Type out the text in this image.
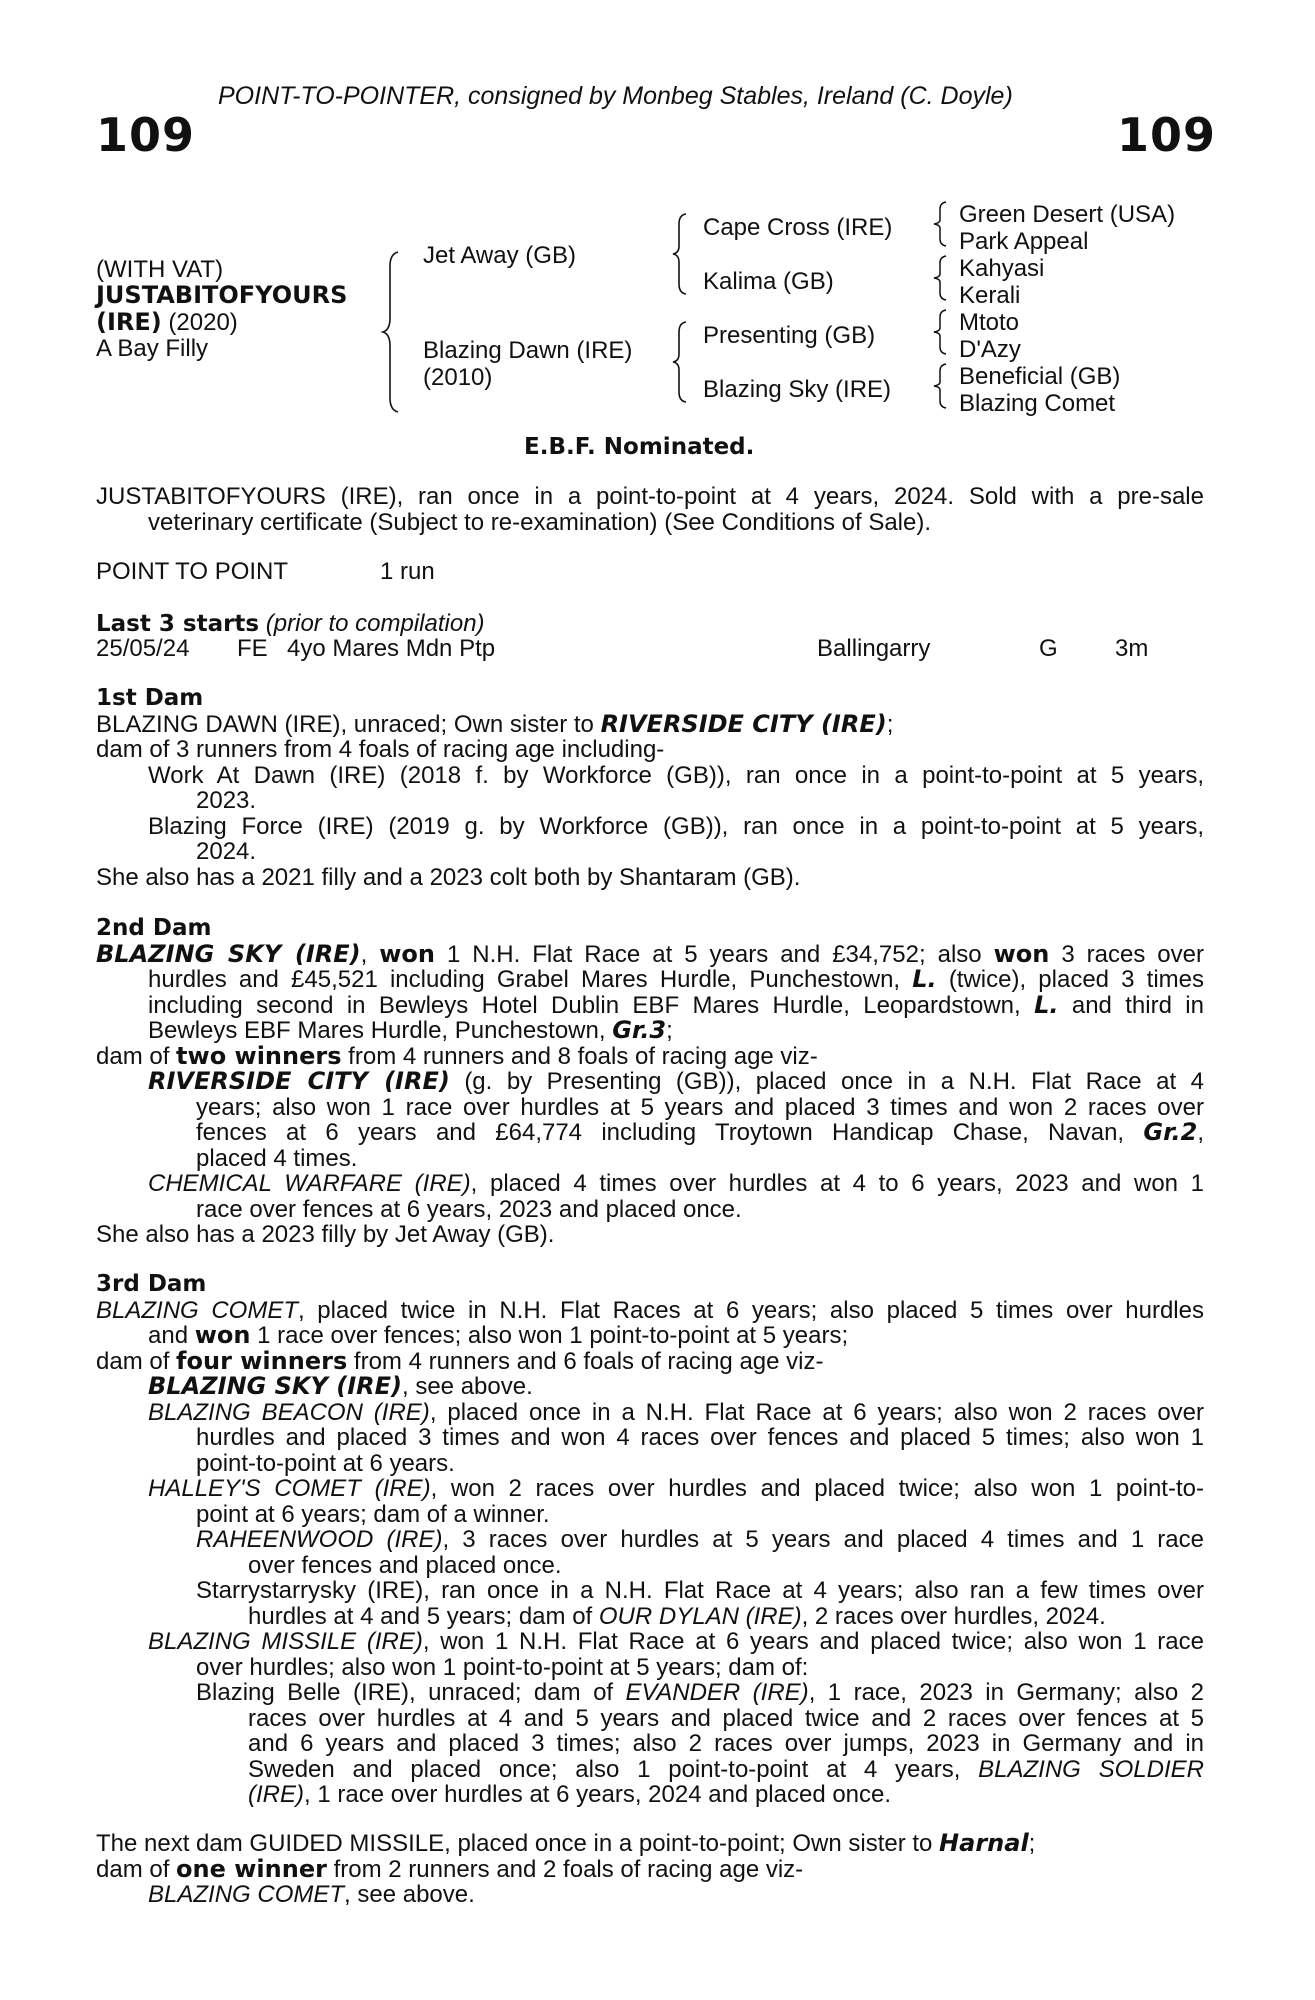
POINT-TO-POINTER, consigned by Monbeg Stables, Ireland (C. Doyle)
109	109
(WITH VAT)
JUSTABITOFYOURS
(IRE) (2020)
A Bay Filly
Jet Away (GB)
Blazing Dawn (IRE)
(2010)
Cape Cross (IRE)
Kalima (GB)
Presenting (GB)
Blazing Sky (IRE)
Green Desert (USA)
Park Appeal
Kahyasi
Kerali
Mtoto
D'Azy
Beneficial (GB)
Blazing Comet
E.B.F. Nominated.
JUSTABITOFYOURS (IRE), ran once in a point-to-point at 4 years, 2024. Sold with a pre-sale
veterinary certificate (Subject to re-examination) (See Conditions of Sale).
POINT TO POINT	1 run
Last 3 starts (prior to compilation)
25/05/24 FE 4yo Mares Mdn Ptp	Ballingarry	G 3m
1st Dam
BLAZING DAWN (IRE), unraced; Own sister to RIVERSIDE CITY (IRE);
dam of 3 runners from 4 foals of racing age including-
Work At Dawn (IRE) (2018 f. by Workforce (GB)), ran once in a point-to-point at 5 years,
2023.
Blazing Force (IRE) (2019 g. by Workforce (GB)), ran once in a point-to-point at 5 years,
2024.
She also has a 2021 filly and a 2023 colt both by Shantaram (GB).
2nd Dam
BLAZING SKY (IRE), won 1 N.H. Flat Race at 5 years and £34,752; also won 3 races over
hurdles and £45,521 including Grabel Mares Hurdle, Punchestown, L. (twice), placed 3 times
including second in Bewleys Hotel Dublin EBF Mares Hurdle, Leopardstown, L. and third in
Bewleys EBF Mares Hurdle, Punchestown, Gr.3;
dam of two winners from 4 runners and 8 foals of racing age viz-
RIVERSIDE CITY (IRE) (g. by Presenting (GB)), placed once in a N.H. Flat Race at 4
years; also won 1 race over hurdles at 5 years and placed 3 times and won 2 races over
fences at 6 years and £64,774 including Troytown Handicap Chase, Navan, Gr.2,
placed 4 times.
CHEMICAL WARFARE (IRE), placed 4 times over hurdles at 4 to 6 years, 2023 and won 1
race over fences at 6 years, 2023 and placed once.
She also has a 2023 filly by Jet Away (GB).
3rd Dam
BLAZING COMET, placed twice in N.H. Flat Races at 6 years; also placed 5 times over hurdles
and won 1 race over fences; also won 1 point-to-point at 5 years;
dam of four winners from 4 runners and 6 foals of racing age viz-
BLAZING SKY (IRE), see above.
BLAZING BEACON (IRE), placed once in a N.H. Flat Race at 6 years; also won 2 races over
hurdles and placed 3 times and won 4 races over fences and placed 5 times; also won 1
point-to-point at 6 years.
HALLEY'S COMET (IRE), won 2 races over hurdles and placed twice; also won 1 point-to-
point at 6 years; dam of a winner.
RAHEENWOOD (IRE), 3 races over hurdles at 5 years and placed 4 times and 1 race
over fences and placed once.
Starrystarrysky (IRE), ran once in a N.H. Flat Race at 4 years; also ran a few times over
hurdles at 4 and 5 years; dam of OUR DYLAN (IRE), 2 races over hurdles, 2024.
BLAZING MISSILE (IRE), won 1 N.H. Flat Race at 6 years and placed twice; also won 1 race
over hurdles; also won 1 point-to-point at 5 years; dam of:
Blazing Belle (IRE), unraced; dam of EVANDER (IRE), 1 race, 2023 in Germany; also 2
races over hurdles at 4 and 5 years and placed twice and 2 races over fences at 5
and 6 years and placed 3 times; also 2 races over jumps, 2023 in Germany and in
Sweden and placed once; also 1 point-to-point at 4 years, BLAZING SOLDIER
(IRE), 1 race over hurdles at 6 years, 2024 and placed once.
The next dam GUIDED MISSILE, placed once in a point-to-point; Own sister to Harnal;
dam of one winner from 2 runners and 2 foals of racing age viz-
BLAZING COMET, see above.
